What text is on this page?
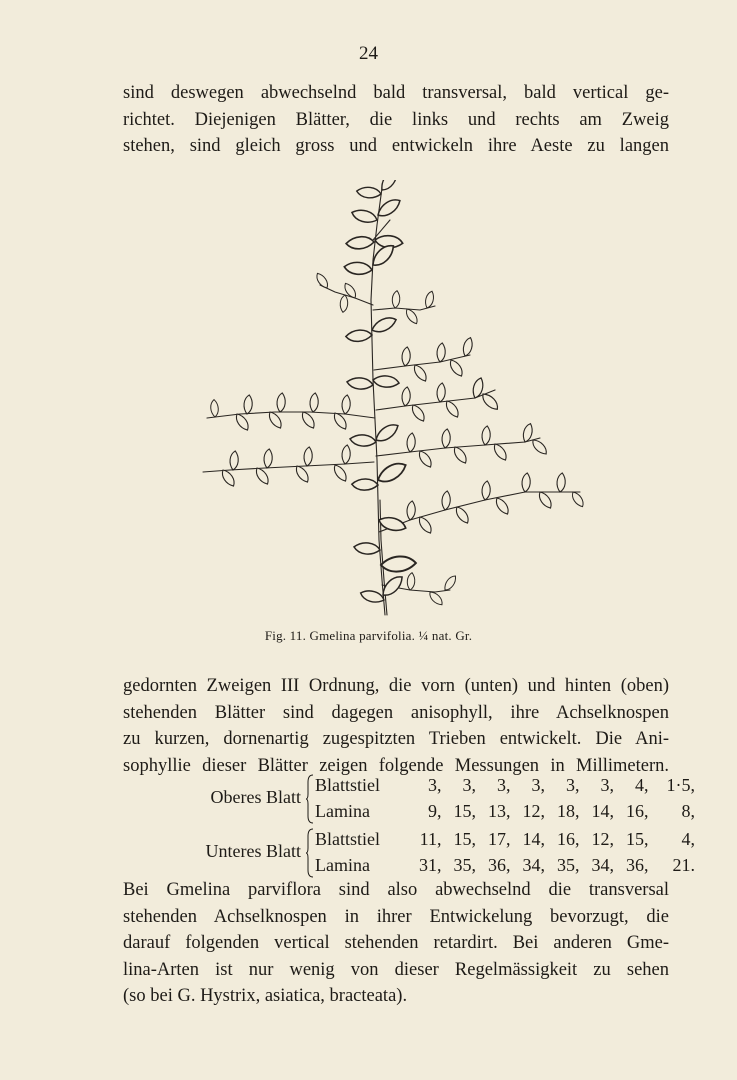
24
sind deswegen abwechselnd bald transversal, bald vertical ge-
richtet. Diejenigen Blätter, die links und rechts am Zweig
stehen, sind gleich gross und entwickeln ihre Aeste zu langen
Fig. 11. Gmelina parvifolia. ¼ nat. Gr.
gedornten Zweigen III Ordnung, die vorn (unten) und hinten (oben)
stehenden Blätter sind dagegen anisophyll, ihre Achselknospen
zu kurzen, dornenartig zugespitzten Trieben entwickelt. Die Ani-
sophyllie dieser Blätter zeigen folgende Messungen in Millimetern.
Oberes Blatt
Blattstiel	3, 3, 3, 3, 3, 3, 4, 1·5,
Lamina	9, 15, 13, 12, 18, 14, 16, 8,
Unteres Blatt
Blattstiel 11, 15, 17, 14, 16, 12, 15, 4,
Lamina	31, 35, 36, 34, 35, 34, 36, 21.
Bei Gmelina parviflora sind also abwechselnd die transversal
stehenden Achselknospen in ihrer Entwickelung bevorzugt, die
darauf folgenden vertical stehenden retardirt. Bei anderen Gme-
lina-Arten ist nur wenig von dieser Regelmässigkeit zu sehen
(so bei G. Hystrix, asiatica, bracteata).
